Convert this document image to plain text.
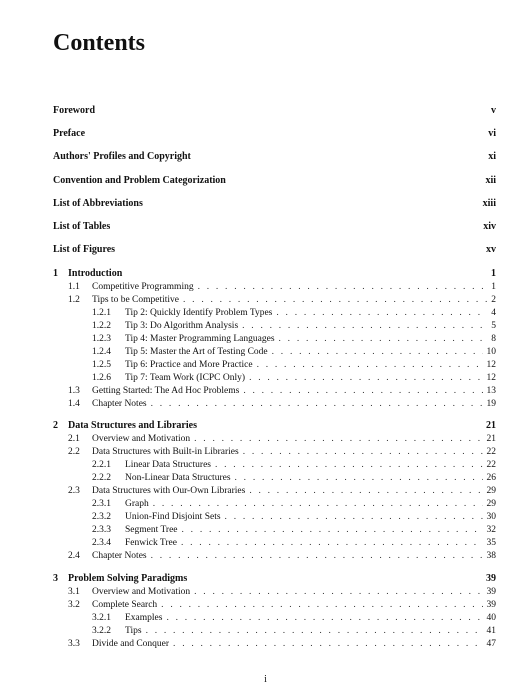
Contents
Foreword	v
Preface	vi
Authors' Profiles and Copyright	xi
Convention and Problem Categorization	xii
List of Abbreviations	xiii
List of Tables	xiv
List of Figures	xv
1	Introduction	1
1.1	Competitive Programming . . .	1
1.2	Tips to be Competitive . . .	2
1.2.1	Tip 2: Quickly Identify Problem Types . . .	4
1.2.2	Tip 3: Do Algorithm Analysis . . .	5
1.2.3	Tip 4: Master Programming Languages . . .	8
1.2.4	Tip 5: Master the Art of Testing Code . . .	10
1.2.5	Tip 6: Practice and More Practice . . .	12
1.2.6	Tip 7: Team Work (ICPC Only) . . .	12
1.3	Getting Started: The Ad Hoc Problems . . .	13
1.4	Chapter Notes . . .	19
2	Data Structures and Libraries	21
2.1	Overview and Motivation . . .	21
2.2	Data Structures with Built-in Libraries . . .	22
2.2.1	Linear Data Structures . . .	22
2.2.2	Non-Linear Data Structures . . .	26
2.3	Data Structures with Our-Own Libraries . . .	29
2.3.1	Graph . . .	29
2.3.2	Union-Find Disjoint Sets . . .	30
2.3.3	Segment Tree . . .	32
2.3.4	Fenwick Tree . . .	35
2.4	Chapter Notes . . .	38
3	Problem Solving Paradigms	39
3.1	Overview and Motivation . . .	39
3.2	Complete Search . . .	39
3.2.1	Examples . . .	40
3.2.2	Tips . . .	41
3.3	Divide and Conquer . . .	47
i
